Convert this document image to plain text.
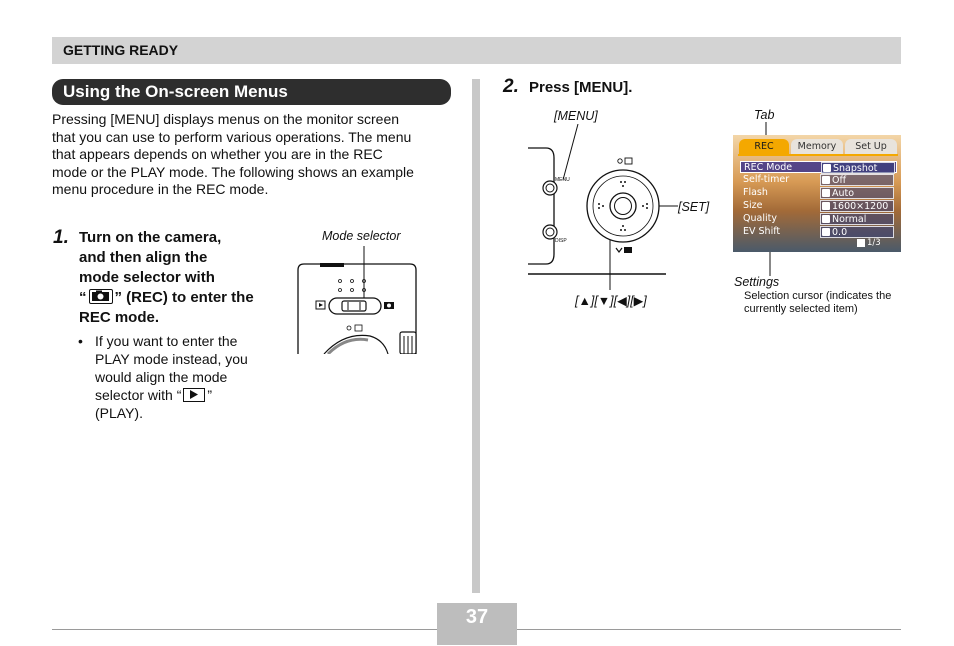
GETTING READY
Using the On-screen Menus
Pressing [MENU] displays menus on the monitor screen
that you can use to perform various operations. The menu
that appears depends on whether you are in the REC
mode or the PLAY mode. The following shows an example
menu procedure in the REC mode.
1. Turn on the camera,
and then align the
mode selector with
“ ” (REC) to enter the
REC mode.
• If you want to enter the
PLAY mode instead, you
would align the mode
selector with “ ”
(PLAY).
Mode selector
2. Press [MENU].
[MENU]
[SET]
[▲][▼][◀][▶]
MENU
DISP
Tab
Settings
Selection cursor (indicates the
currently selected item)
REC	Memory	Set Up
REC Mode	Snapshot
Self-timer	Off
Flash	Auto
Size	1600×1200
Quality	Normal
EV Shift	0.0
1/3
37
